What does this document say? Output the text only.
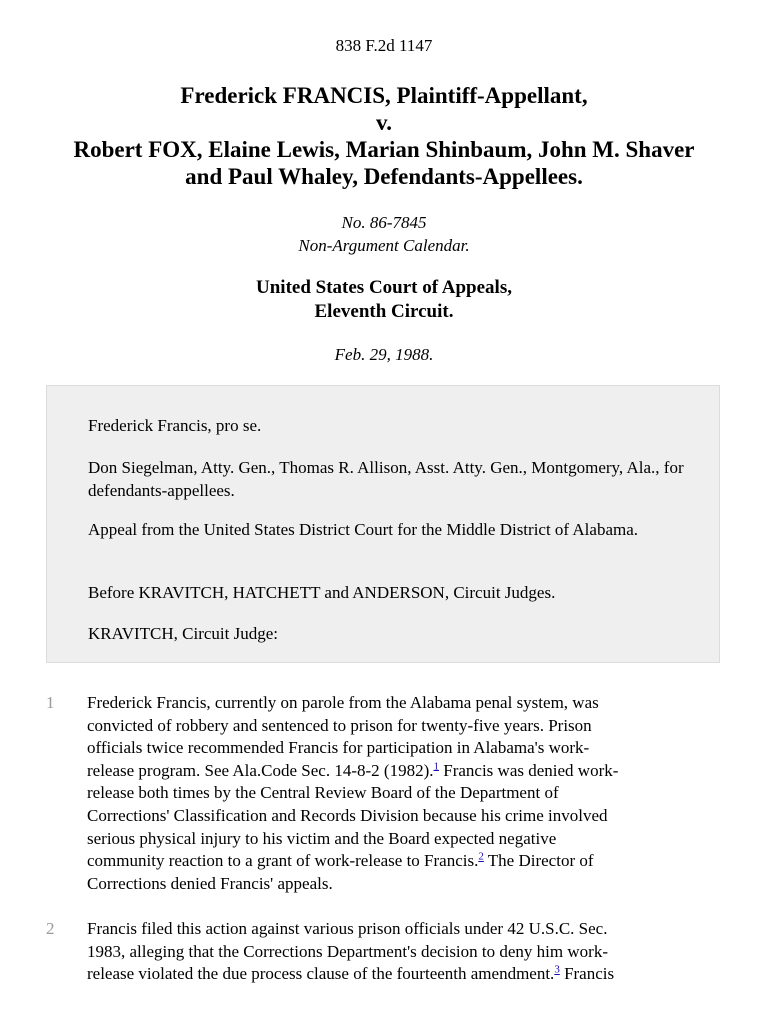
838 F.2d 1147
Frederick FRANCIS, Plaintiff-Appellant,
v.
Robert FOX, Elaine Lewis, Marian Shinbaum, John M. Shaver
and Paul Whaley, Defendants-Appellees.
No. 86-7845
Non-Argument Calendar.
United States Court of Appeals,
Eleventh Circuit.
Feb. 29, 1988.

Frederick Francis, pro se.

Don Siegelman, Atty. Gen., Thomas R. Allison, Asst. Atty. Gen., Montgomery, Ala., for defendants-appellees.

Appeal from the United States District Court for the Middle District of Alabama.

Before KRAVITCH, HATCHETT and ANDERSON, Circuit Judges.

KRAVITCH, Circuit Judge:

1 Frederick Francis, currently on parole from the Alabama penal system, was
convicted of robbery and sentenced to prison for twenty-five years. Prison
officials twice recommended Francis for participation in Alabama's work-
release program. See Ala.Code Sec. 14-8-2 (1982).$^1$ Francis was denied work-
release both times by the Central Review Board of the Department of
Corrections' Classification and Records Division because his crime involved
serious physical injury to his victim and the Board expected negative
community reaction to a grant of work-release to Francis.$^2$ The Director of
Corrections denied Francis' appeals.
2 Francis filed this action against various prison officials under 42 U.S.C. Sec.
1983, alleging that the Corrections Department's decision to deny him work-
release violated the due process clause of the fourteenth amendment.$^3$ Francis
